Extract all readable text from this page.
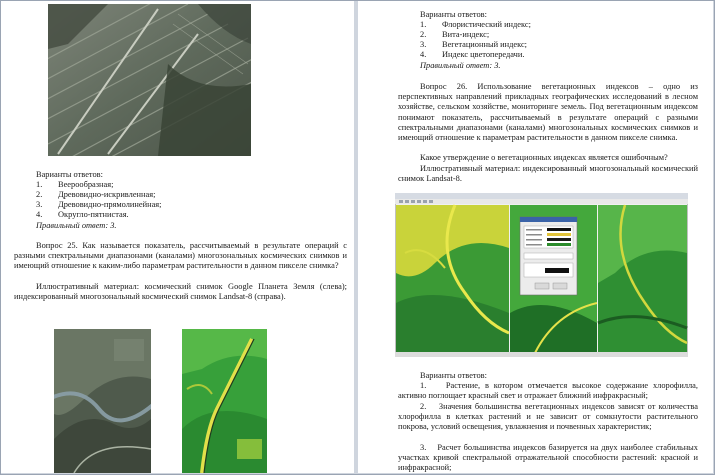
Варианты ответов:

1. Веерообразная;
2. Древовидно-искривленная;
3. Древовидно-прямолинейная;
4. Округло-пятнистая.

Правильный ответ: 3.

Вопрос 25. Как называется показатель, рассчитываемый в результате операций с разными спектральными диапазонами (каналами) многозональных космических снимков и имеющий отношение к каким-либо параметрам растительности в данном пикселе снимка?

Иллюстративный материал: космический снимок Google Планета Земля (слева); индексированный многозональный космический снимок Landsat-8 (справа).

Варианты ответов:

1. Флористический индекс;
2. Вита-индекс;
3. Вегетационный индекс;
4. Индекс цветопередачи.

Правильный ответ: 3.

Вопрос 26. Использование вегетационных индексов – одно из перспективных направлений прикладных географических исследований в лесном хозяйстве, сельском хозяйстве, мониторинге земель. Под вегетационным индексом понимают показатель, рассчитываемый в результате операций с разными спектральными диапазонами (каналами) многозональных космических снимков и имеющий отношение к параметрам растительности в данном пикселе снимка.

Какое утверждение о вегетационных индексах является ошибочным?

Иллюстративный материал: индексированный многозональный космический снимок Landsat-8.

Варианты ответов:

1. Растение, в котором отмечается высокое содержание хлорофилла, активно поглощает красный свет и отражает ближний инфракрасный;

2. Значения большинства вегетационных индексов зависят от количества хлорофилла в клетках растений и не зависит от сомкнутости растительного покрова, условий освещения, увлажнения и почвенных характеристик;

3. Расчет большинства индексов базируется на двух наиболее стабильных участках кривой спектральной отражательной способности растений: красной и инфракрасной;
